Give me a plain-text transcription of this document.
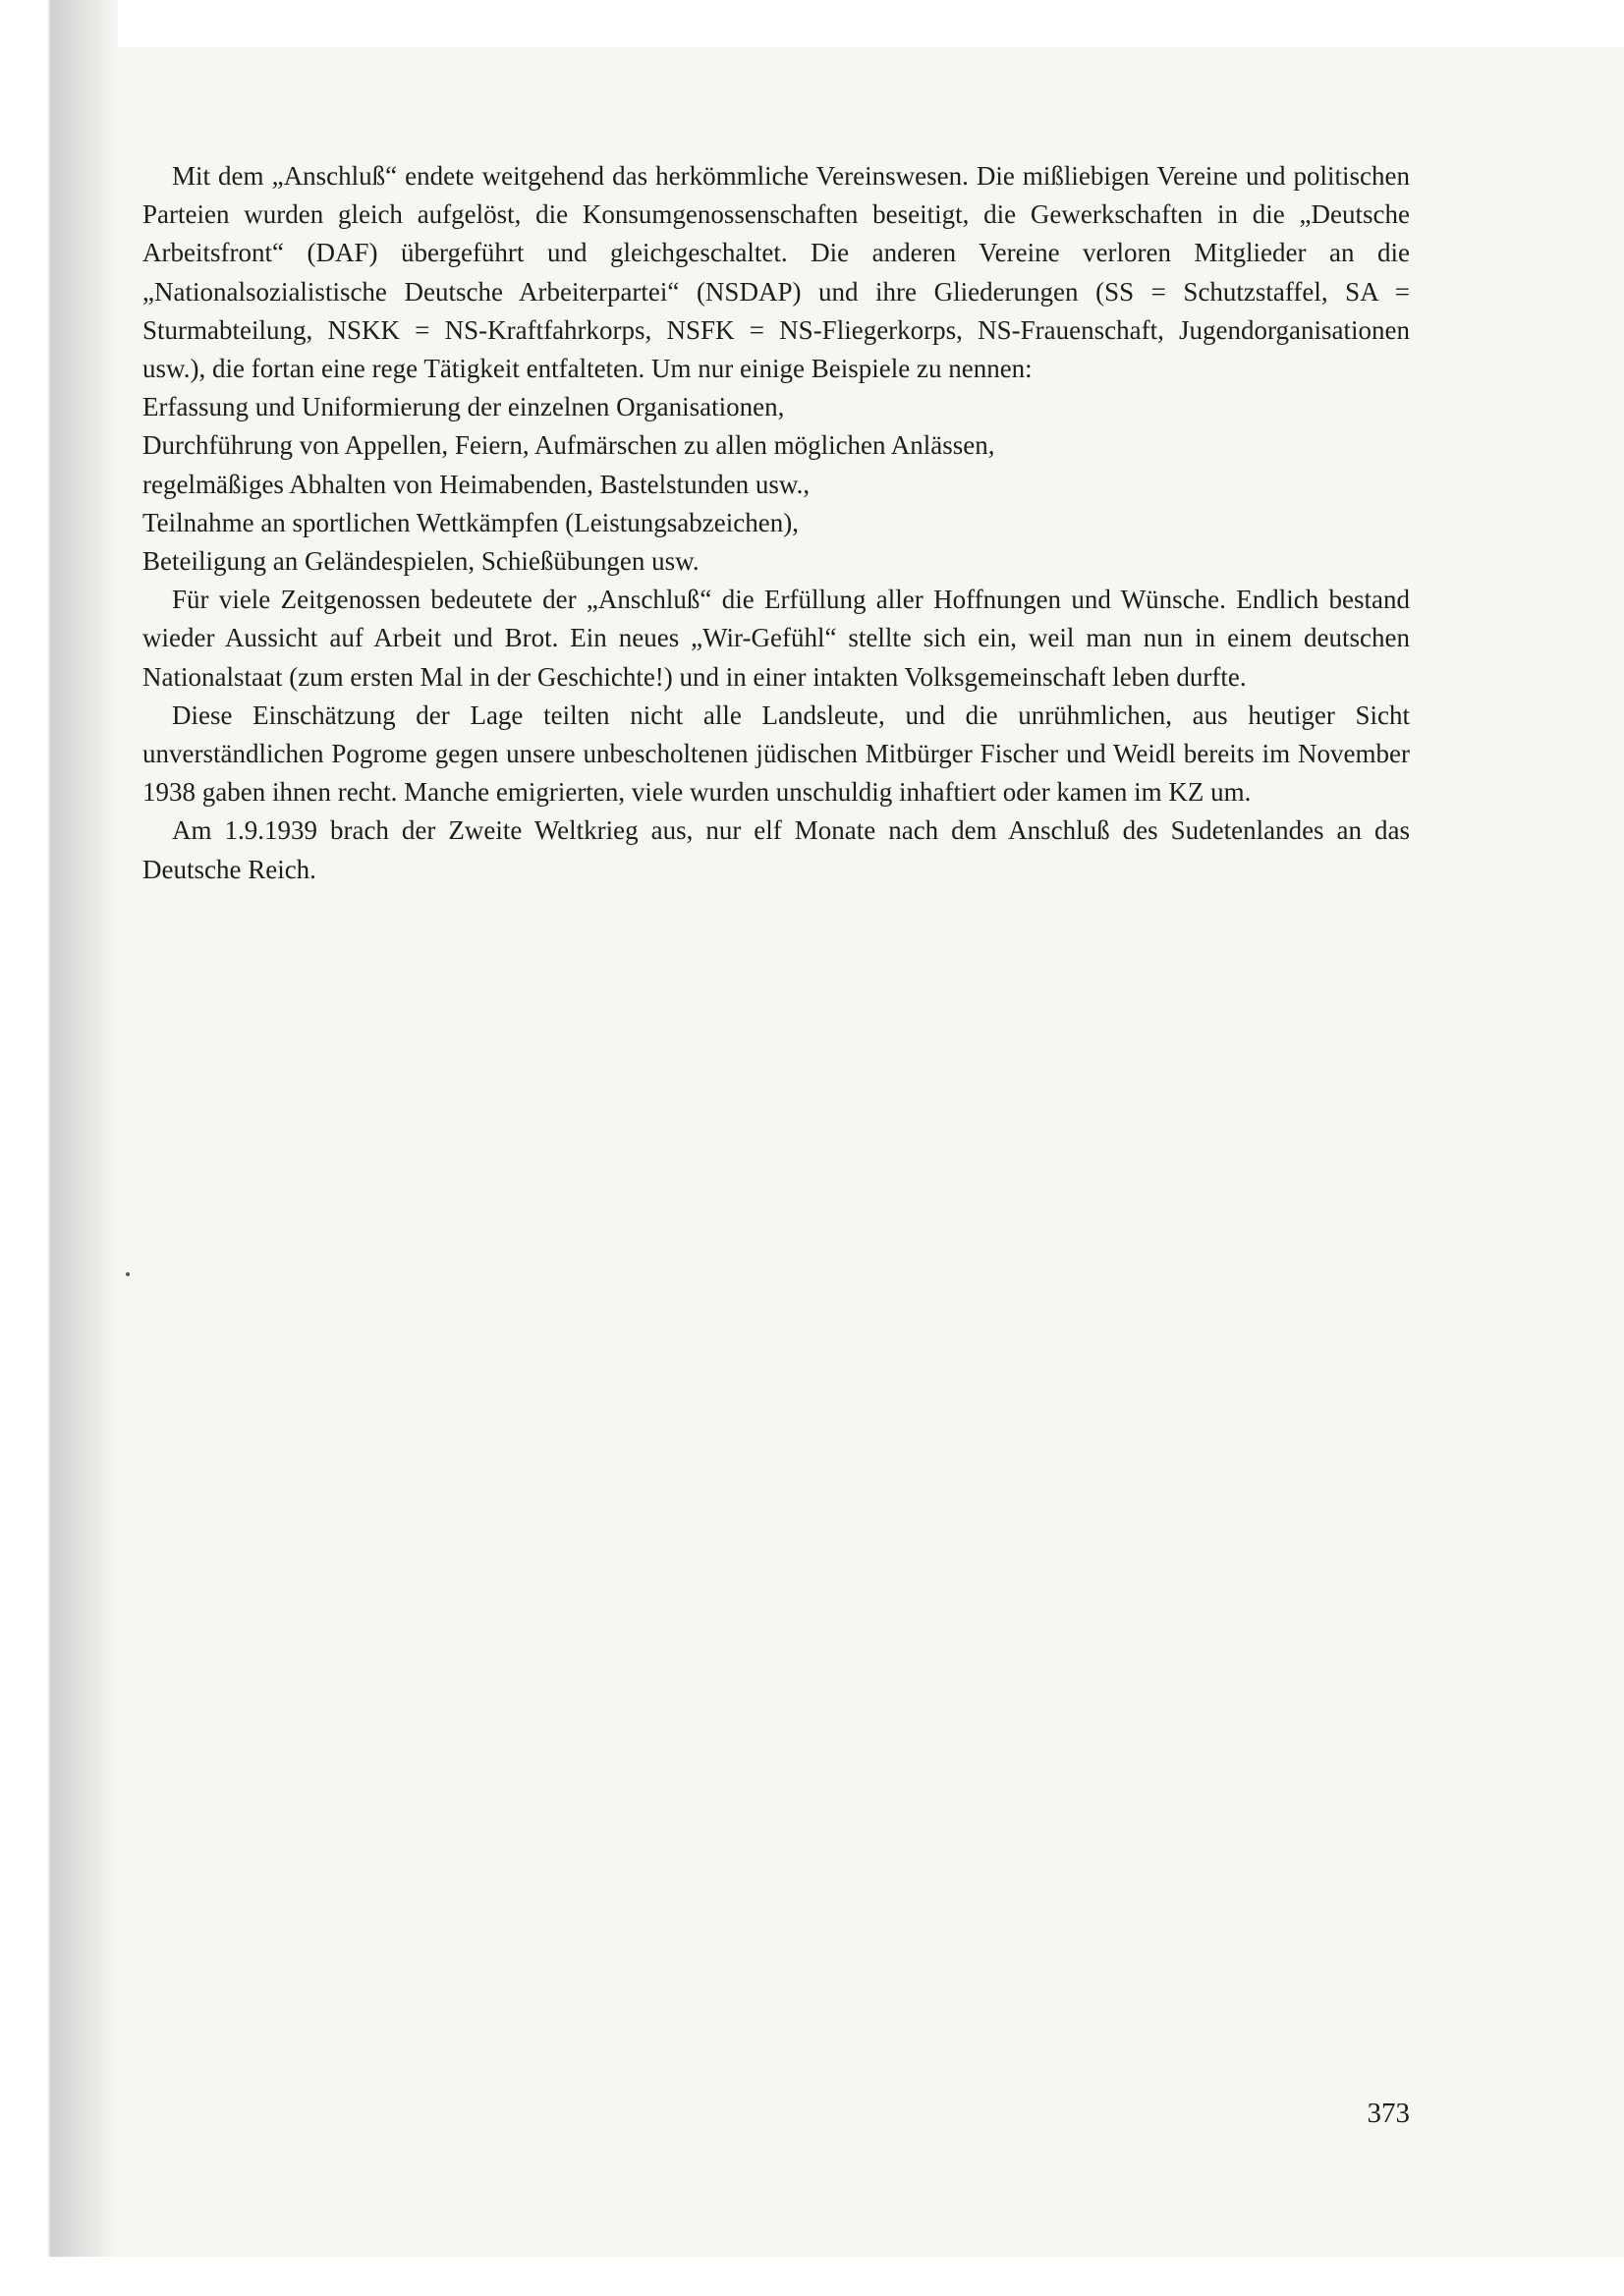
Mit dem „Anschluß“ endete weitgehend das herkömmliche Vereinswesen. Die mißliebigen Vereine und politischen Parteien wurden gleich aufgelöst, die Konsumgenossenschaften beseitigt, die Gewerkschaften in die „Deutsche Arbeitsfront“ (DAF) übergeführt und gleichgeschaltet. Die anderen Vereine verloren Mitglieder an die „Nationalsozialistische Deutsche Arbeiterpartei“ (NSDAP) und ihre Gliederungen (SS = Schutzstaffel, SA = Sturmabteilung, NSKK = NS-Kraftfahrkorps, NSFK = NS-Fliegerkorps, NS-Frauenschaft, Jugendorganisationen usw.), die fortan eine rege Tätigkeit entfalteten. Um nur einige Beispiele zu nennen:

Erfassung und Uniformierung der einzelnen Organisationen,
Durchführung von Appellen, Feiern, Aufmärschen zu allen möglichen Anlässen,
regelmäßiges Abhalten von Heimabenden, Bastelstunden usw.,
Teilnahme an sportlichen Wettkämpfen (Leistungsabzeichen),
Beteiligung an Geländespielen, Schießübungen usw.

Für viele Zeitgenossen bedeutete der „Anschluß“ die Erfüllung aller Hoffnungen und Wünsche. Endlich bestand wieder Aussicht auf Arbeit und Brot. Ein neues „Wir-Gefühl“ stellte sich ein, weil man nun in einem deutschen Nationalstaat (zum ersten Mal in der Geschichte!) und in einer intakten Volksgemeinschaft leben durfte.

Diese Einschätzung der Lage teilten nicht alle Landsleute, und die unrühmlichen, aus heutiger Sicht unverständlichen Pogrome gegen unsere unbescholtenen jüdischen Mitbürger Fischer und Weidl bereits im November 1938 gaben ihnen recht. Manche emigrierten, viele wurden unschuldig inhaftiert oder kamen im KZ um.

Am 1.9.1939 brach der Zweite Weltkrieg aus, nur elf Monate nach dem Anschluß des Sudetenlandes an das Deutsche Reich.

373
